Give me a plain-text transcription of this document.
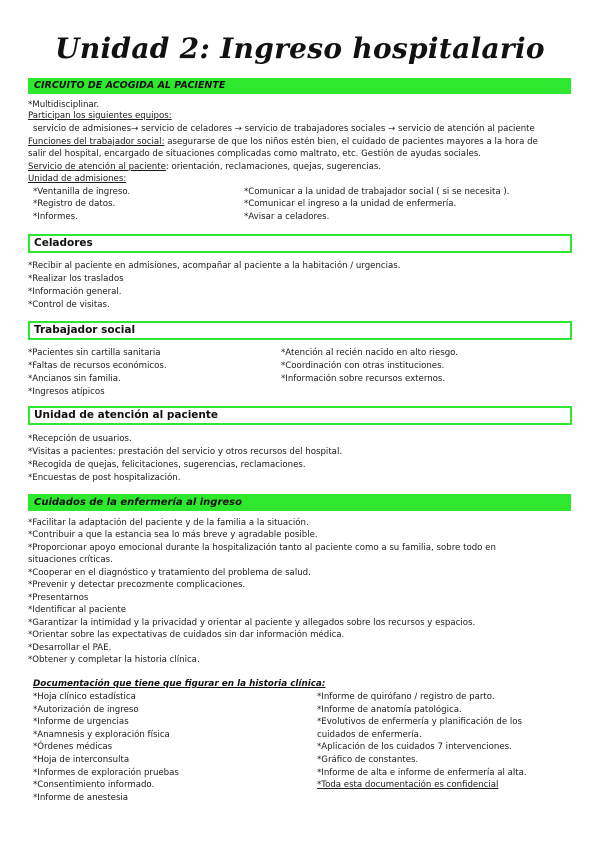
Unidad 2: Ingreso hospitalario
CIRCUITO DE ACOGIDA AL PACIENTE
*Multidisciplinar.
Participan los siguientes equipos:
servicio de admisiones→ servicio de celadores → servicio de trabajadores sociales → servicio de atención al paciente
Funciones del trabajador social: asegurarse de que los niños estén bien, el cuidado de pacientes mayores a la hora de
salir del hospital, encargado de situaciones complicadas como maltrato, etc. Gestión de ayudas sociales.
Servicio de atención al paciente: orientación, reclamaciones, quejas, sugerencias.
Unidad de admisiones:
*Ventanilla de ingreso.
*Registro de datos.
*Informes.
*Comunicar a la unidad de trabajador social ( si se necesita ).
*Comunicar el ingreso a la unidad de enfermería.
*Avisar a celadores.
Celadores
*Recibir al paciente en admisiones, acompañar al paciente a la habitación / urgencias.
*Realizar los traslados
*Información general.
*Control de visitas.
Trabajador social
*Pacientes sin cartilla sanitaria
*Faltas de recursos económicos.
*Ancianos sin familia.
*Ingresos atípicos
*Atención al recién nacido en alto riesgo.
*Coordinación con otras instituciones.
*Información sobre recursos externos.
Unidad de atención al paciente
*Recepción de usuarios.
*Visitas a pacientes: prestación del servicio y otros recursos del hospital.
*Recogida de quejas, felicitaciones, sugerencias, reclamaciones.
*Encuestas de post hospitalización.
Cuidados de la enfermería al ingreso
*Facilitar la adaptación del paciente y de la familia a la situación.
*Contribuir a que la estancia sea lo más breve y agradable posible.
*Proporcionar apoyo emocional durante la hospitalización tanto al paciente como a su familia, sobre todo en
situaciones críticas.
*Cooperar en el diagnóstico y tratamiento del problema de salud.
*Prevenir y detectar precozmente complicaciones.
*Presentarnos
*Identificar al paciente
*Garantizar la intimidad y la privacidad y orientar al paciente y allegados sobre los recursos y espacios.
*Orientar sobre las expectativas de cuidados sin dar información médica.
*Desarrollar el PAE.
*Obtener y completar la historia clínica.
Documentación que tiene que figurar en la historia clínica:
*Hoja clínico estadística
*Autorización de ingreso
*Informe de urgencias
*Anamnesis y exploración física
*Órdenes médicas
*Hoja de interconsulta
*Informes de exploración pruebas
*Consentimiento informado.
*Informe de anestesia
*Informe de quirófano / registro de parto.
*Informe de anatomía patológica.
*Evolutivos de enfermería y planificación de los
cuidados de enfermería.
*Aplicación de los cuidados 7 intervenciones.
*Gráfico de constantes.
*Informe de alta e informe de enfermería al alta.
*Toda esta documentación es confidencial
